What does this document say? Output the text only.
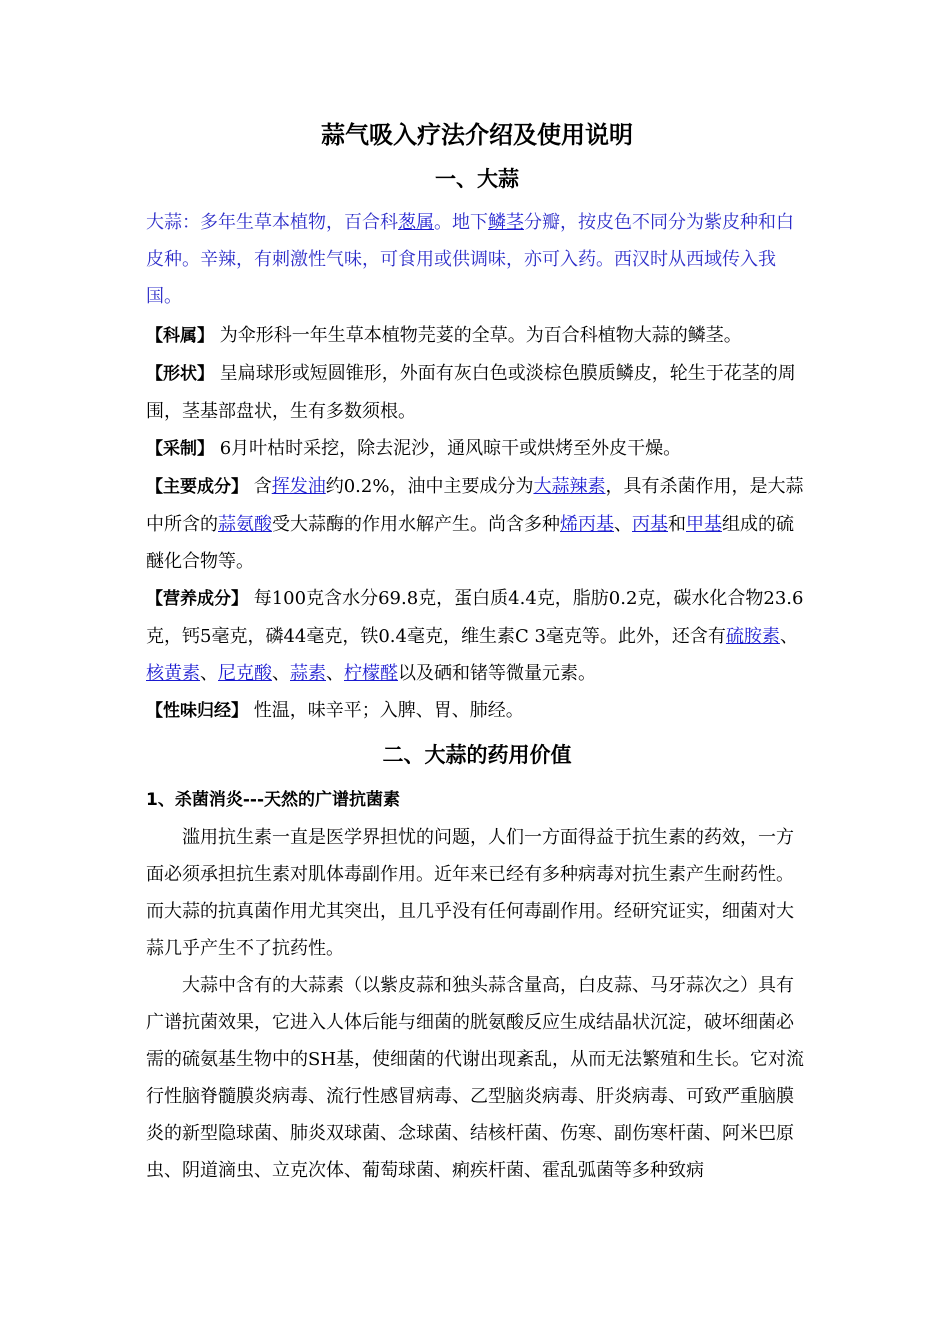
蒜气吸入疗法介绍及使用说明
一、大蒜

大蒜：多年生草本植物，百合科葱属。地下鳞茎分瓣，按皮色不同分为紫皮种和白皮种。辛辣，有刺激性气味，可食用或供调味，亦可入药。西汉时从西域传入我国。

【科属】 为伞形科一年生草本植物芫荽的全草。为百合科植物大蒜的鳞茎。

【形状】 呈扁球形或短圆锥形，外面有灰白色或淡棕色膜质鳞皮，轮生于花茎的周围，茎基部盘状，生有多数须根。

【采制】 6月叶枯时采挖，除去泥沙，通风晾干或烘烤至外皮干燥。

【主要成分】 含挥发油约0.2%，油中主要成分为大蒜辣素，具有杀菌作用，是大蒜中所含的蒜氨酸受大蒜酶的作用水解产生。尚含多种烯丙基、丙基和甲基组成的硫醚化合物等。

【营养成分】 每100克含水分69.8克，蛋白质4.4克，脂肪0.2克，碳水化合物23.6克，钙5毫克，磷44毫克，铁0.4毫克，维生素C 3毫克等。此外，还含有硫胺素、核黄素、尼克酸、蒜素、柠檬醛以及硒和锗等微量元素。

【性味归经】 性温，味辛平；入脾、胃、肺经。

二、大蒜的药用价值

1、杀菌消炎---天然的广谱抗菌素

滥用抗生素一直是医学界担忧的问题，人们一方面得益于抗生素的药效，一方面必须承担抗生素对肌体毒副作用。近年来已经有多种病毒对抗生素产生耐药性。而大蒜的抗真菌作用尤其突出，且几乎没有任何毒副作用。经研究证实，细菌对大蒜几乎产生不了抗药性。

大蒜中含有的大蒜素（以紫皮蒜和独头蒜含量高，白皮蒜、马牙蒜次之）具有广谱抗菌效果，它进入人体后能与细菌的胱氨酸反应生成结晶状沉淀，破坏细菌必需的硫氨基生物中的SH基，使细菌的代谢出现紊乱，从而无法繁殖和生长。它对流行性脑脊髓膜炎病毒、流行性感冒病毒、乙型脑炎病毒、肝炎病毒、可致严重脑膜炎的新型隐球菌、肺炎双球菌、念球菌、结核杆菌、伤寒、副伤寒杆菌、阿米巴原虫、阴道滴虫、立克次体、葡萄球菌、痢疾杆菌、霍乱弧菌等多种致病
